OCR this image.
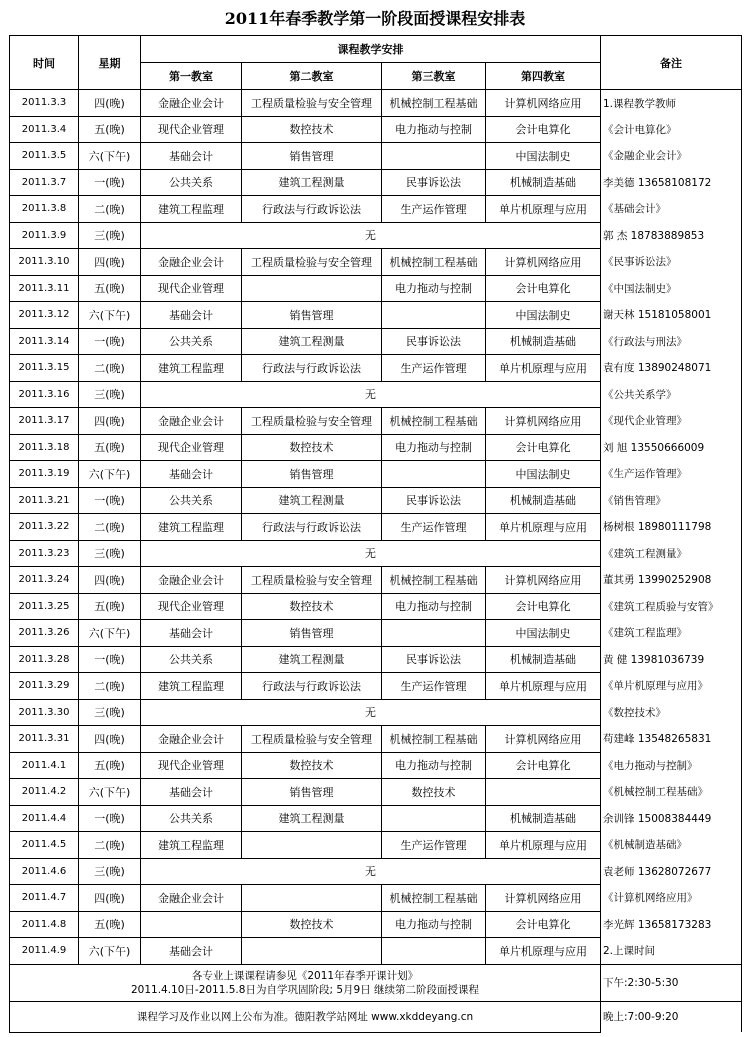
2011年春季教学第一阶段面授课程安排表
时间	星期	课程教学安排				备注
		第一教室	第二教室	第三教室	第四教室	
2011.3.3	四(晚)	金融企业会计	工程质量检验与安全管理	机械控制工程基础	计算机网络应用	1.课程教学教师
2011.3.4	五(晚)	现代企业管理	数控技术	电力拖动与控制	会计电算化	《会计电算化》
2011.3.5	六(下午)	基础会计	销售管理		中国法制史	《金融企业会计》
2011.3.7	一(晚)	公共关系	建筑工程测量	民事诉讼法	机械制造基础	李美德 13658108172
2011.3.8	二(晚)	建筑工程监理	行政法与行政诉讼法	生产运作管理	单片机原理与应用	《基础会计》
2011.3.9	三(晚)	无				郭 杰 18783889853
2011.3.10	四(晚)	金融企业会计	工程质量检验与安全管理	机械控制工程基础	计算机网络应用	《民事诉讼法》
2011.3.11	五(晚)	现代企业管理		电力拖动与控制	会计电算化	《中国法制史》
2011.3.12	六(下午)	基础会计	销售管理		中国法制史	谢天林 15181058001
2011.3.14	一(晚)	公共关系	建筑工程测量	民事诉讼法	机械制造基础	《行政法与刑法》
2011.3.15	二(晚)	建筑工程监理	行政法与行政诉讼法	生产运作管理	单片机原理与应用	袁有度 13890248071
2011.3.16	三(晚)	无				《公共关系学》
2011.3.17	四(晚)	金融企业会计	工程质量检验与安全管理	机械控制工程基础	计算机网络应用	《现代企业管理》
2011.3.18	五(晚)	现代企业管理	数控技术	电力拖动与控制	会计电算化	刘 旭 13550666009
2011.3.19	六(下午)	基础会计	销售管理		中国法制史	《生产运作管理》
2011.3.21	一(晚)	公共关系	建筑工程测量	民事诉讼法	机械制造基础	《销售管理》
2011.3.22	二(晚)	建筑工程监理	行政法与行政诉讼法	生产运作管理	单片机原理与应用	杨树根 18980111798
2011.3.23	三(晚)	无				《建筑工程测量》
2011.3.24	四(晚)	金融企业会计	工程质量检验与安全管理	机械控制工程基础	计算机网络应用	董其勇 13990252908
2011.3.25	五(晚)	现代企业管理	数控技术	电力拖动与控制	会计电算化	《建筑工程质验与安管》
2011.3.26	六(下午)	基础会计	销售管理		中国法制史	《建筑工程监理》
2011.3.28	一(晚)	公共关系	建筑工程测量	民事诉讼法	机械制造基础	黄 健 13981036739
2011.3.29	二(晚)	建筑工程监理	行政法与行政诉讼法	生产运作管理	单片机原理与应用	《单片机原理与应用》
2011.3.30	三(晚)	无				《数控技术》
2011.3.31	四(晚)	金融企业会计	工程质量检验与安全管理	机械控制工程基础	计算机网络应用	苟建峰 13548265831
2011.4.1	五(晚)	现代企业管理	数控技术	电力拖动与控制	会计电算化	《电力拖动与控制》
2011.4.2	六(下午)	基础会计	销售管理	数控技术		《机械控制工程基础》
2011.4.4	一(晚)	公共关系	建筑工程测量		机械制造基础	余训锋 15008384449
2011.4.5	二(晚)	建筑工程监理		生产运作管理	单片机原理与应用	《机械制造基础》
2011.4.6	三(晚)	无				袁老师 13628072677
2011.4.7	四(晚)	金融企业会计		机械控制工程基础	计算机网络应用	《计算机网络应用》
2011.4.8	五(晚)		数控技术	电力拖动与控制	会计电算化	李光辉 13658173283
2011.4.9	六(下午)	基础会计			单片机原理与应用	2.上课时间

各专业上课课程请参见《2011年春季开课计划》
2011.4.10日-2011.5.8日为自学巩固阶段; 5月9日 继续第二阶段面授课程						下午:2:30-5:30
课程学习及作业以网上公布为准。德阳教学站网址 www.xkddeyang.cn						晚上:7:00-9:20
